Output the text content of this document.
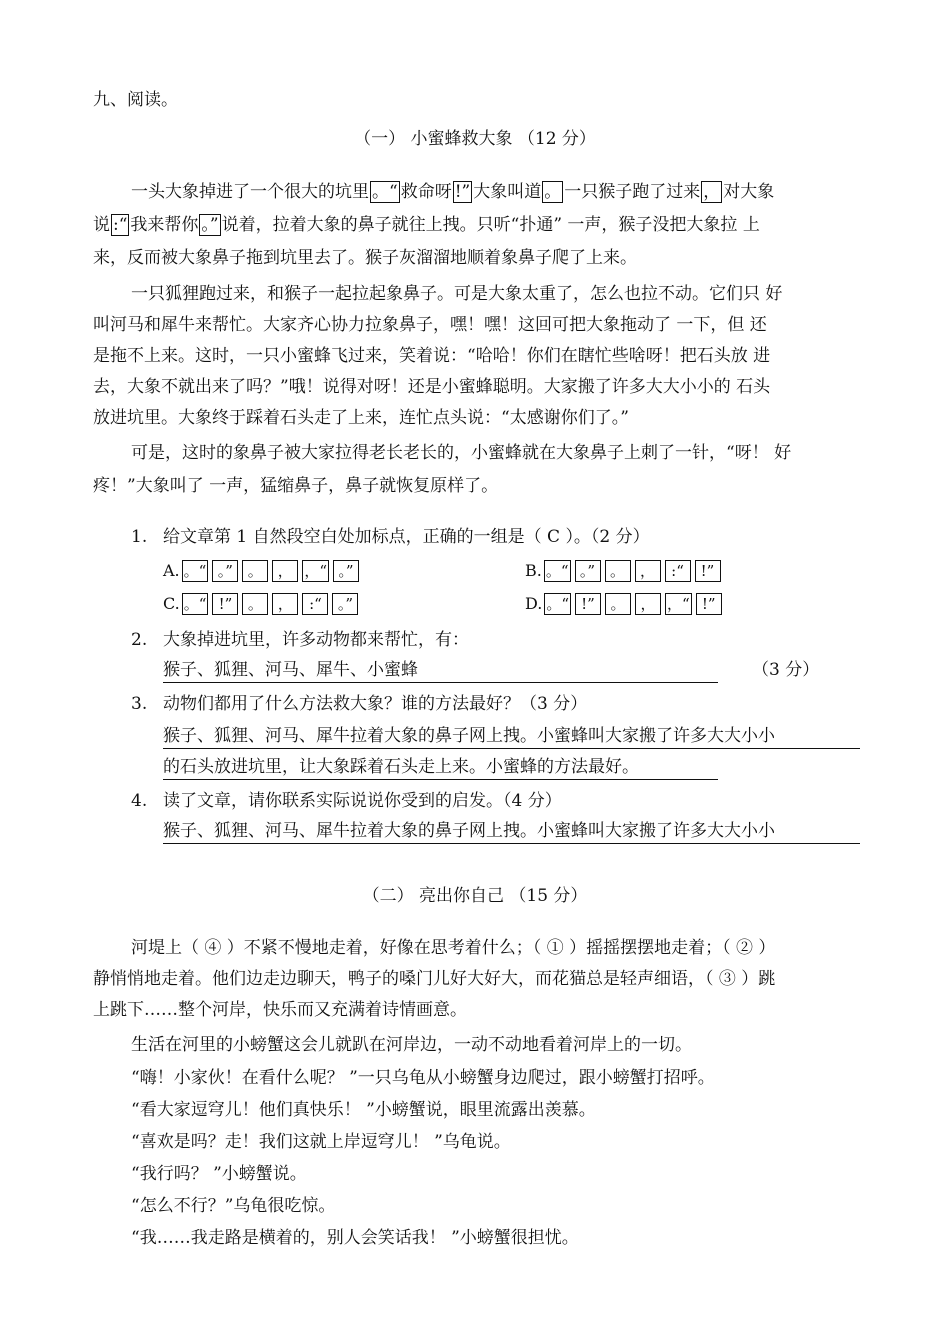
九、阅读。
（一） 小蜜蜂救大象 （12 分）
一头大象掉进了一个很大的坑里 。“ 救命呀 !” 大象叫道 。 一只猴子跑了过来 ， 对大象
说 :“ 我来帮你 。” 说着，拉着大象的鼻子就往上拽。只听“扑通” 一声，猴子没把大象拉 上
来，反而被大象鼻子拖到坑里去了。猴子灰溜溜地顺着象鼻子爬了上来。
一只狐狸跑过来，和猴子一起拉起象鼻子。可是大象太重了，怎么也拉不动。它们只 好
叫河马和犀牛来帮忙。大家齐心协力拉象鼻子，嘿！嘿！这回可把大象拖动了 一下，但 还
是拖不上来。这时，一只小蜜蜂飞过来，笑着说：“哈哈！你们在瞎忙些啥呀！把石头放 进
去，大象不就出来了吗？”哦！说得对呀！还是小蜜蜂聪明。大家搬了许多大大小小的 石头
放进坑里。大象终于踩着石头走了上来，连忙点头说：“太感谢你们了。”
可是，这时的象鼻子被大家拉得老长老长的，小蜜蜂就在大象鼻子上刺了一针，“呀！ 好
疼！”大象叫了 一声，猛缩鼻子，鼻子就恢复原样了。
1. 给文章第 1 自然段空白处加标点，正确的一组是（ C ）。（2 分）
A. 。“ 。” 。 ， ，“ 。”	B. 。“ 。” 。 ， :“ !”
C. 。“ !” 。 ， :“ 。”	D. 。“ !” 。 ， ，“ !”
2. 大象掉进坑里，许多动物都来帮忙，有：
猴子、狐狸、河马、犀牛、小蜜蜂	（3 分）
3. 动物们都用了什么方法救大象？谁的方法最好？（3 分）
猴子、狐狸、河马、犀牛拉着大象的鼻子网上拽。小蜜蜂叫大家搬了许多大大小小
的石头放进坑里，让大象踩着石头走上来。小蜜蜂的方法最好。
4. 读了文章，请你联系实际说说你受到的启发。（4 分）
猴子、狐狸、河马、犀牛拉着大象的鼻子网上拽。小蜜蜂叫大家搬了许多大大小小
（二） 亮出你自己 （15 分）
河堤上（ ④ ）不紧不慢地走着，好像在思考着什么；（ ① ）摇摇摆摆地走着；（ ② ）
静悄悄地走着。他们边走边聊天，鸭子的嗓门儿好大好大，而花猫总是轻声细语，（ ③ ）跳
上跳下……整个河岸，快乐而又充满着诗情画意。
生活在河里的小螃蟹这会儿就趴在河岸边，一动不动地看着河岸上的一切。
“嗨！小家伙！在看什么呢？ ”一只乌龟从小螃蟹身边爬过，跟小螃蟹打招呼。
“看大家逗穹儿！他们真快乐！ ”小螃蟹说，眼里流露出羡慕。
“喜欢是吗？走！我们这就上岸逗穹儿！ ”乌龟说。
“我行吗？ ”小螃蟹说。
“怎么不行？”乌龟很吃惊。
“我……我走路是横着的，别人会笑话我！ ”小螃蟹很担忧。
